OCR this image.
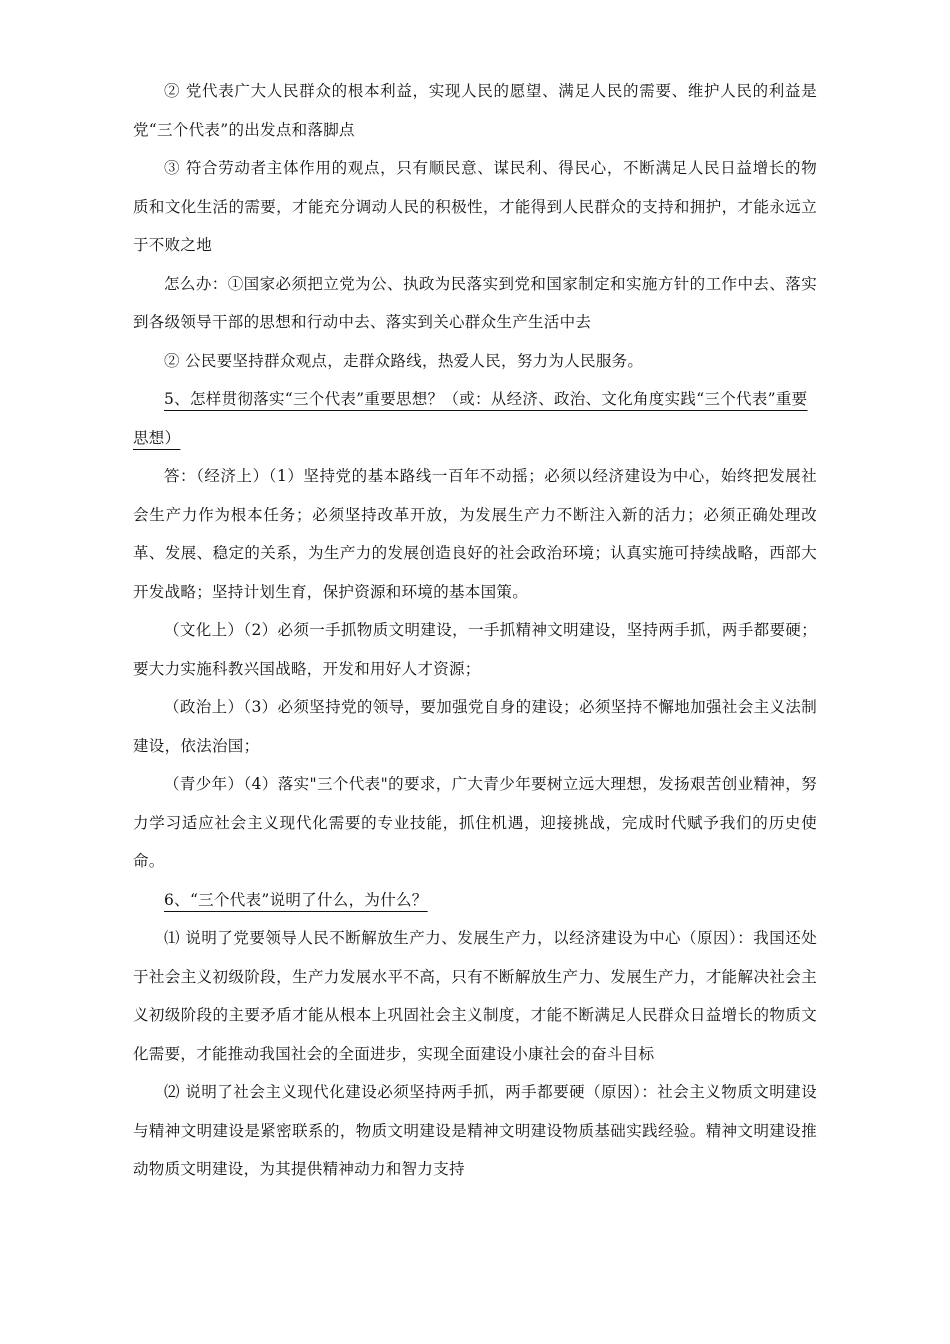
② 党代表广大人民群众的根本利益，实现人民的愿望、满足人民的需要、维护人民的利益是党“三个代表”的出发点和落脚点

③ 符合劳动者主体作用的观点，只有顺民意、谋民利、得民心，不断满足人民日益增长的物质和文化生活的需要，才能充分调动人民的积极性，才能得到人民群众的支持和拥护，才能永远立于不败之地

怎么办：①国家必须把立党为公、执政为民落实到党和国家制定和实施方针的工作中去、落实到各级领导干部的思想和行动中去、落实到关心群众生产生活中去

② 公民要坚持群众观点，走群众路线，热爱人民，努力为人民服务。

5、怎样贯彻落实“三个代表”重要思想？（或：从经济、政治、文化角度实践“三个代表”重要思想）

答：（经济上）（1）坚持党的基本路线一百年不动摇；必须以经济建设为中心，始终把发展社会生产力作为根本任务；必须坚持改革开放，为发展生产力不断注入新的活力；必须正确处理改革、发展、稳定的关系，为生产力的发展创造良好的社会政治环境；认真实施可持续战略，西部大开发战略；坚持计划生育，保护资源和环境的基本国策。

（文化上）（2）必须一手抓物质文明建设，一手抓精神文明建设，坚持两手抓，两手都要硬；要大力实施科教兴国战略，开发和用好人才资源；

（政治上）（3）必须坚持党的领导，要加强党自身的建设；必须坚持不懈地加强社会主义法制建设，依法治国；

（青少年）（4）落实"三个代表"的要求，广大青少年要树立远大理想，发扬艰苦创业精神，努力学习适应社会主义现代化需要的专业技能，抓住机遇，迎接挑战，完成时代赋予我们的历史使命。

6、“三个代表”说明了什么，为什么？

⑴ 说明了党要领导人民不断解放生产力、发展生产力，以经济建设为中心（原因）：我国还处于社会主义初级阶段，生产力发展水平不高，只有不断解放生产力、发展生产力，才能解决社会主义初级阶段的主要矛盾才能从根本上巩固社会主义制度，才能不断满足人民群众日益增长的物质文化需要，才能推动我国社会的全面进步，实现全面建设小康社会的奋斗目标

⑵ 说明了社会主义现代化建设必须坚持两手抓，两手都要硬（原因）：社会主义物质文明建设与精神文明建设是紧密联系的，物质文明建设是精神文明建设物质基础实践经验。精神文明建设推动物质文明建设，为其提供精神动力和智力支持
